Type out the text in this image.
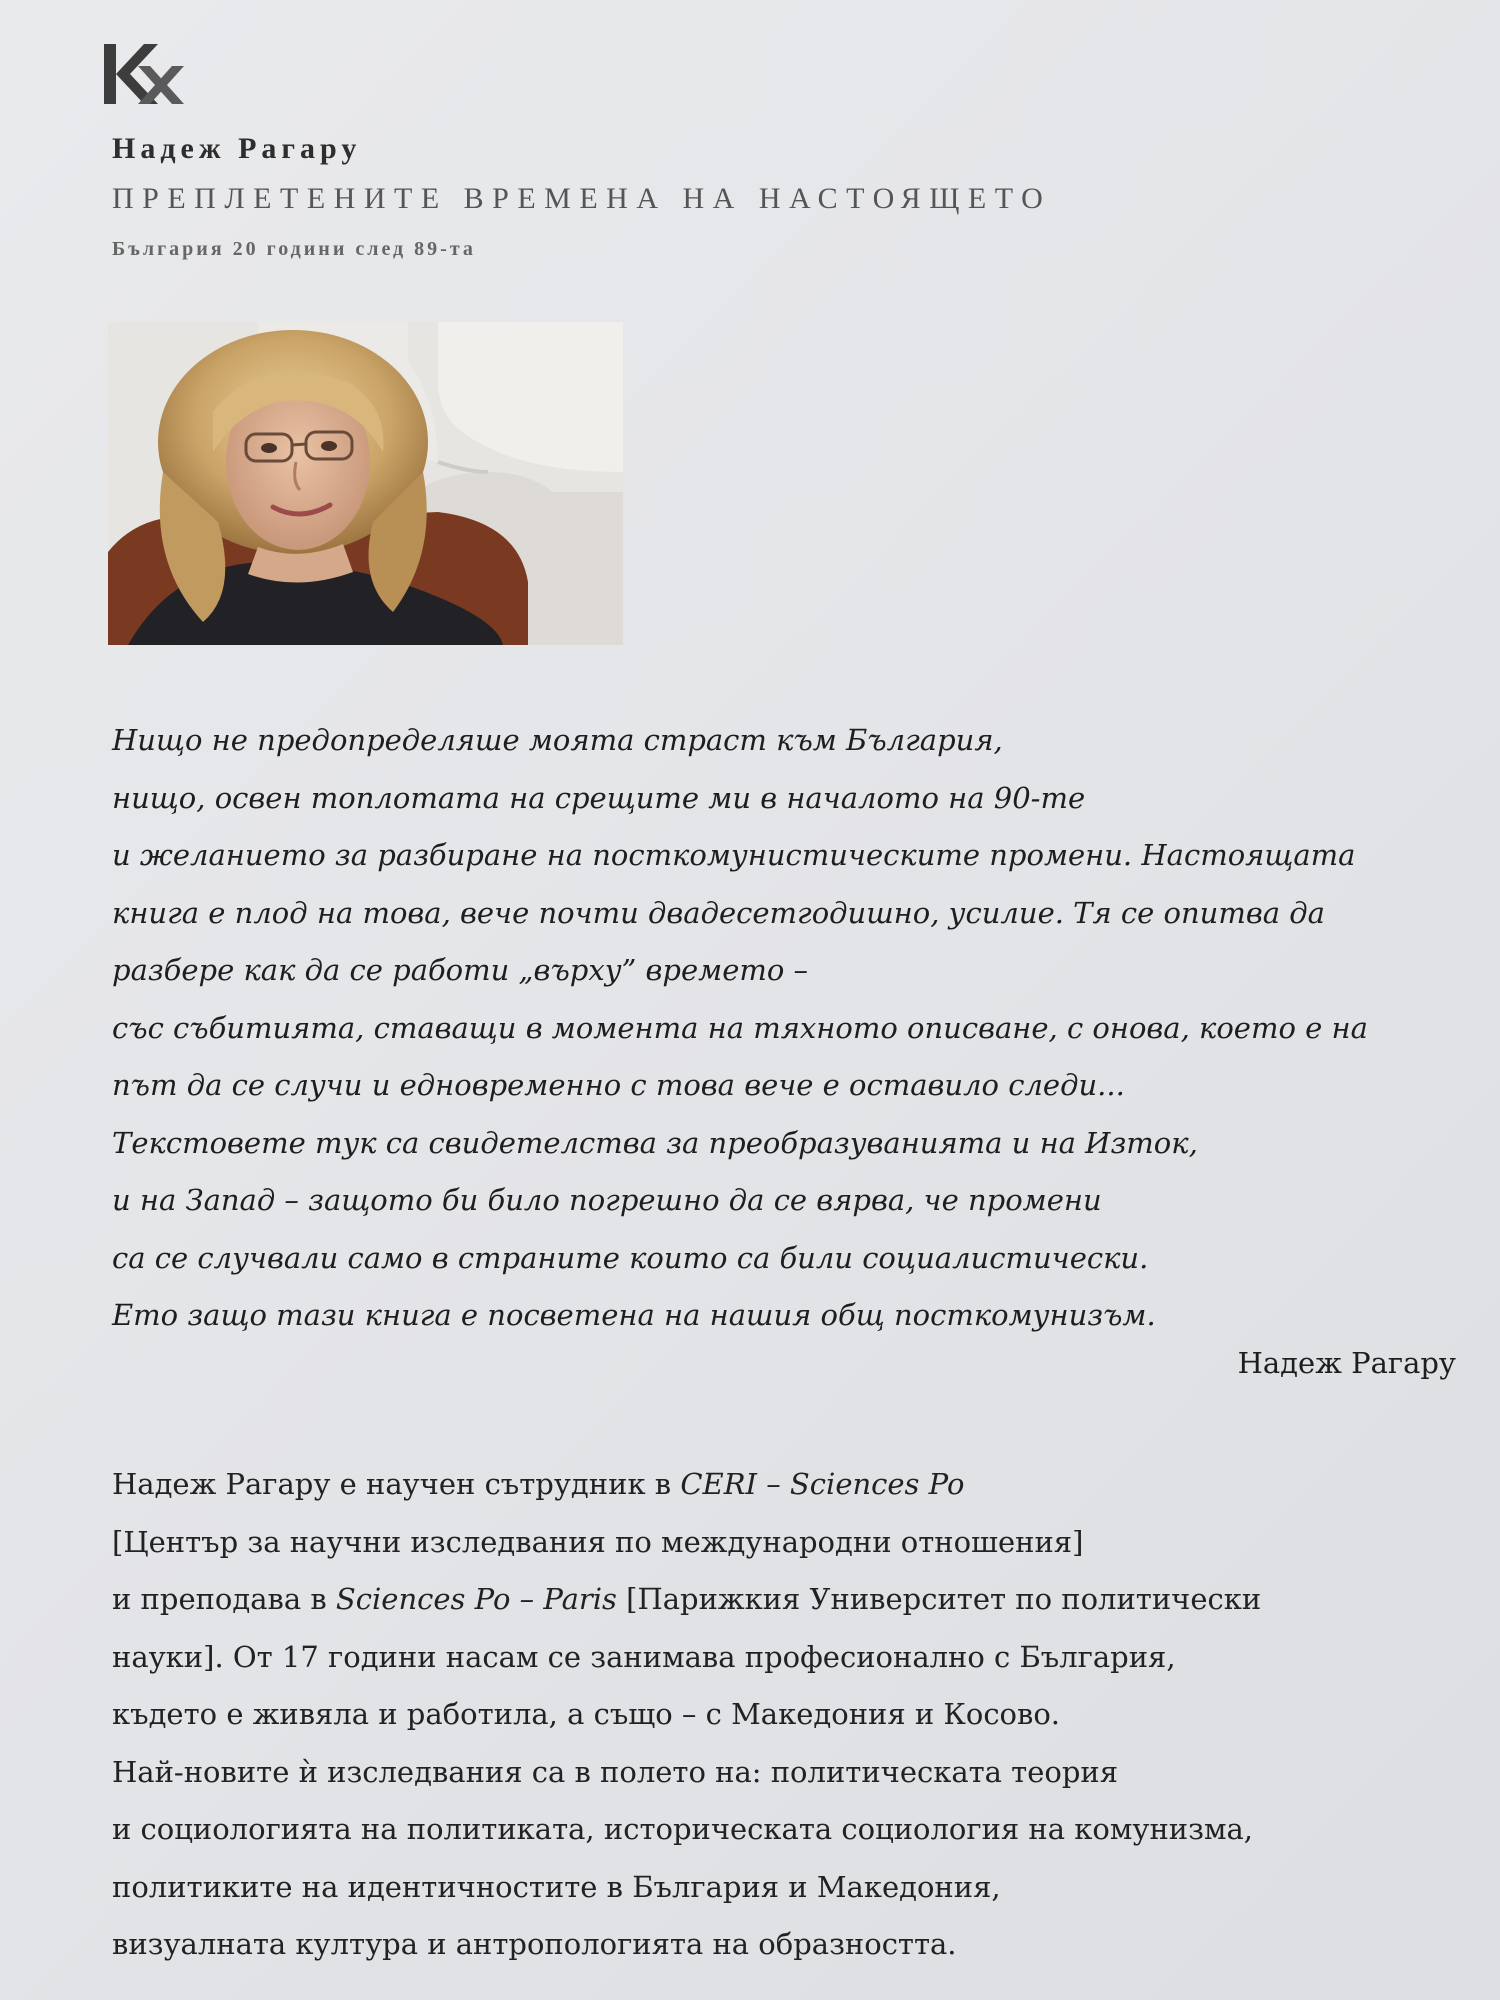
Надеж Рагару
ПРЕПЛЕТЕНИТЕ ВРЕМЕНА НА НАСТОЯЩЕТО
България 20 години след 89-та
Нищо не предопределяше моята страст към България,
нищо, освен топлотата на срещите ми в началото на 90-те
и желанието за разбиране на посткомунистическите промени. Настоящата
книга е плод на това, вече почти двадесетгодишно, усилие. Тя се опитва да
разбере как да се работи „върху” времето –
със събитията, ставащи в момента на тяхното описване, с онова, което е на
път да се случи и едновременно с това вече е оставило следи...
Текстовете тук са свидетелства за преобразуванията и на Изток,
и на Запад – защото би било погрешно да се вярва, че промени
са се случвали само в страните които са били социалистически.
Ето защо тази книга е посветена на нашия общ посткомунизъм.
Надеж Рагару
Надеж Рагару е научен сътрудник в CERI – Sciences Po
[Център за научни изследвания по международни отношения]
и преподава в Sciences Po – Paris [Парижкия Университет по политически
науки]. От 17 години насам се занимава професионално с България,
където е живяла и работила, а също – с Македония и Косово.
Най-новите ѝ изследвания са в полето на: политическата теория
и социологията на политиката, историческата социология на комунизма,
политиките на идентичностите в България и Македония,
визуалната култура и антропологията на образността.
